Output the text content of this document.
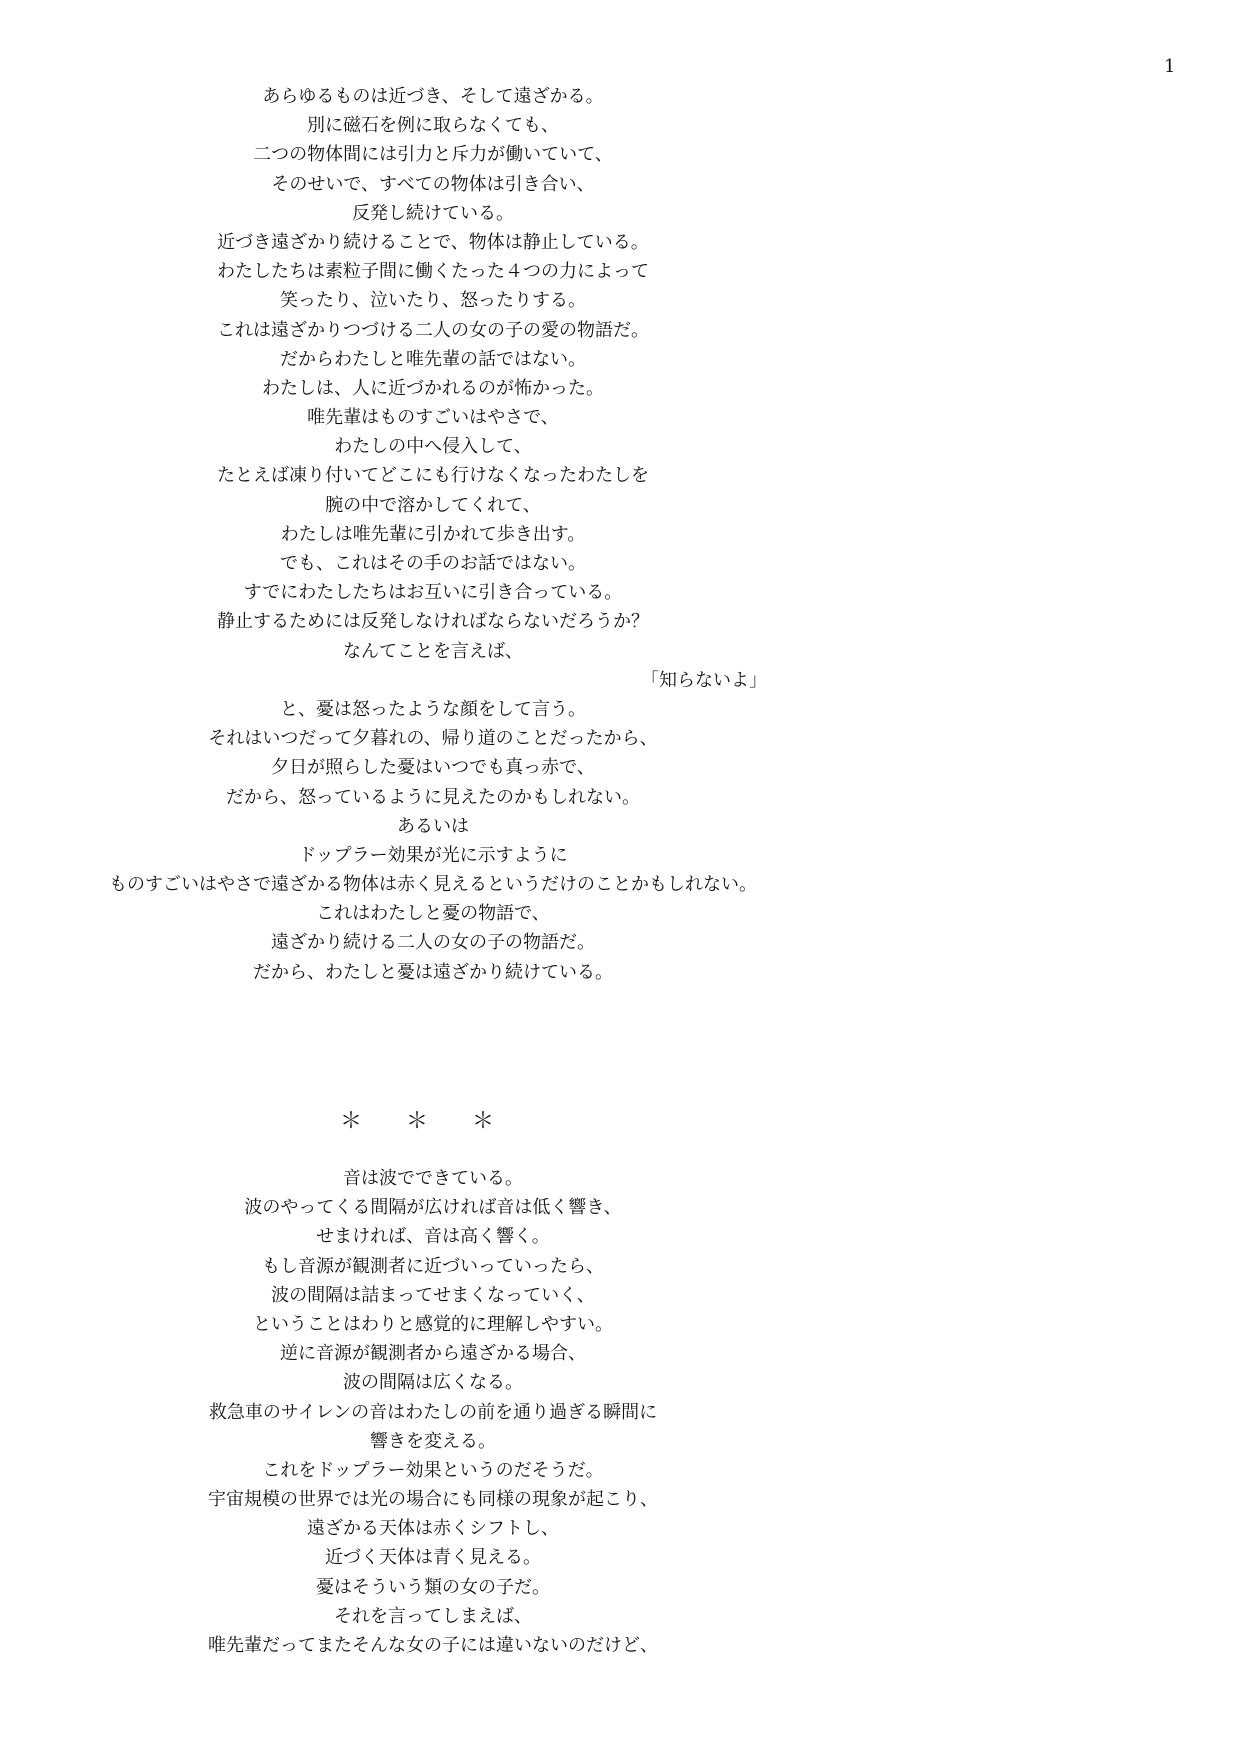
1
あらゆるものは近づき、そして遠ざかる。
別に磁石を例に取らなくても、
二つの物体間には引力と斥力が働いていて、
そのせいで、すべての物体は引き合い、
反発し続けている。
近づき遠ざかり続けることで、物体は静止している。
わたしたちは素粒子間に働くたった４つの力によって
笑ったり、泣いたり、怒ったりする。
これは遠ざかりつづける二人の女の子の愛の物語だ。
だからわたしと唯先輩の話ではない。
わたしは、人に近づかれるのが怖かった。
唯先輩はものすごいはやさで、
わたしの中へ侵入して、
たとえば凍り付いてどこにも行けなくなったわたしを
腕の中で溶かしてくれて、
わたしは唯先輩に引かれて歩き出す。
でも、これはその手のお話ではない。
すでにわたしたちはお互いに引き合っている。
静止するためには反発しなければならないだろうか？
なんてことを言えば、
「知らないよ」
と、憂は怒ったような顔をして言う。
それはいつだって夕暮れの、帰り道のことだったから、
夕日が照らした憂はいつでも真っ赤で、
だから、怒っているように見えたのかもしれない。
あるいは
ドップラー効果が光に示すように
ものすごいはやさで遠ざかる物体は赤く見えるというだけのことかもしれない。
これはわたしと憂の物語で、
遠ざかり続ける二人の女の子の物語だ。
だから、わたしと憂は遠ざかり続けている。
＊　　＊　　＊
音は波でできている。
波のやってくる間隔が広ければ音は低く響き、
せまければ、音は高く響く。
もし音源が観測者に近づいっていったら、
波の間隔は詰まってせまくなっていく、
ということはわりと感覚的に理解しやすい。
逆に音源が観測者から遠ざかる場合、
波の間隔は広くなる。
救急車のサイレンの音はわたしの前を通り過ぎる瞬間に
響きを変える。
これをドップラー効果というのだそうだ。
宇宙規模の世界では光の場合にも同様の現象が起こり、
遠ざかる天体は赤くシフトし、
近づく天体は青く見える。
憂はそういう類の女の子だ。
それを言ってしまえば、
唯先輩だってまたそんな女の子には違いないのだけど、
